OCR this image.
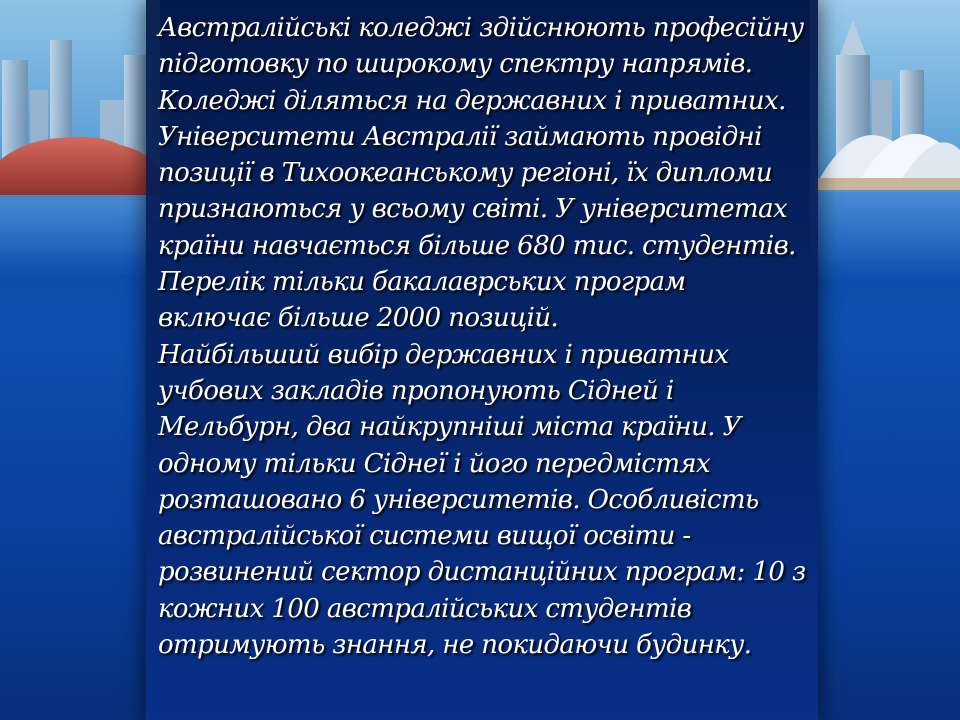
Австралійські коледжі здійснюють професійну
підготовку по широкому спектру напрямів.
Коледжі діляться на державних і приватних.
Університети Австралії займають провідні
позиції в Тихоокеанському регіоні, їх дипломи
признаються у всьому світі. У університетах
країни навчається більше 680 тис. студентів.
Перелік тільки бакалаврських програм
включає більше 2000 позицій.
Найбільший вибір державних і приватних
учбових закладів пропонують Сідней і
Мельбурн, два найкрупніші міста країни. У
одному тільки Сіднеї і його передмістях
розташовано 6 університетів. Особливість
австралійської системи вищої освіти -
розвинений сектор дистанційних програм: 10 з
кожних 100 австралійських студентів
отримують знання, не покидаючи будинку.
